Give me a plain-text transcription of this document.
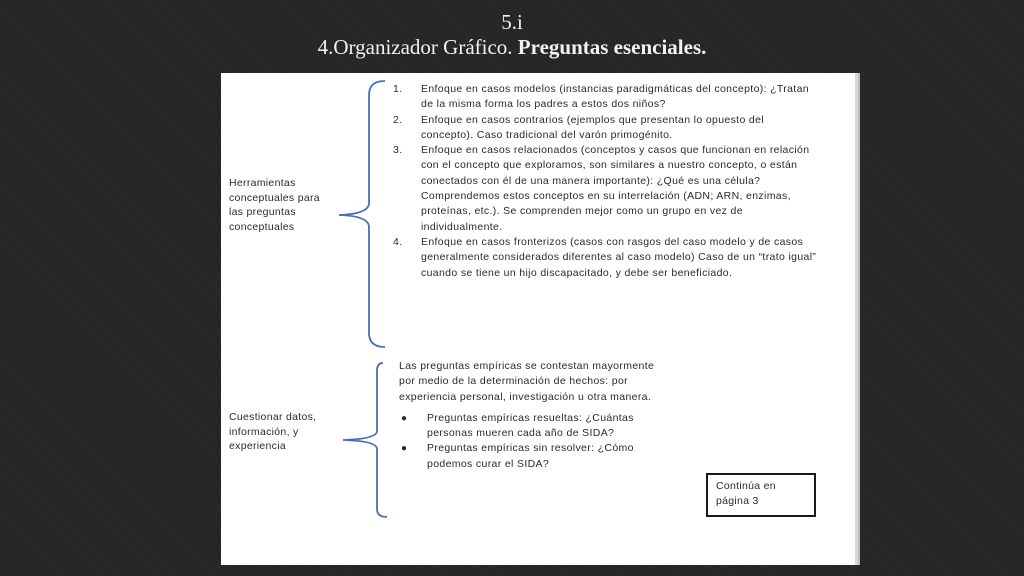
5.i
4.Organizador Gráfico. Preguntas esenciales.
Herramientas conceptuales para las preguntas conceptuales
1. Enfoque en casos modelos (instancias paradigmáticas del concepto): ¿Tratan de la misma forma los padres a estos dos niños?
2. Enfoque en casos contrarios (ejemplos que presentan lo opuesto del concepto). Caso tradicional del varón primogénito.
3. Enfoque en casos relacionados (conceptos y casos que funcionan en relación con el concepto que exploramos, son similares a nuestro concepto, o están conectados con él de una manera importante): ¿Qué es una célula? Comprendemos estos conceptos en su interrelación (ADN; ARN, enzimas, proteínas, etc.). Se comprenden mejor como un grupo en vez de individualmente.
4. Enfoque en casos fronterizos (casos con rasgos del caso modelo y de casos generalmente considerados diferentes al caso modelo) Caso de un “trato igual” cuando se tiene un hijo discapacitado, y debe ser beneficiado.
Cuestionar datos, información, y experiencia
Las preguntas empíricas se contestan mayormente por medio de la determinación de hechos: por experiencia personal, investigación u otra manera.
● Preguntas empíricas resueltas: ¿Cuántas personas mueren cada año de SIDA?
● Preguntas empíricas sin resolver: ¿Cómo podemos curar el SIDA?
Continúa en página 3
